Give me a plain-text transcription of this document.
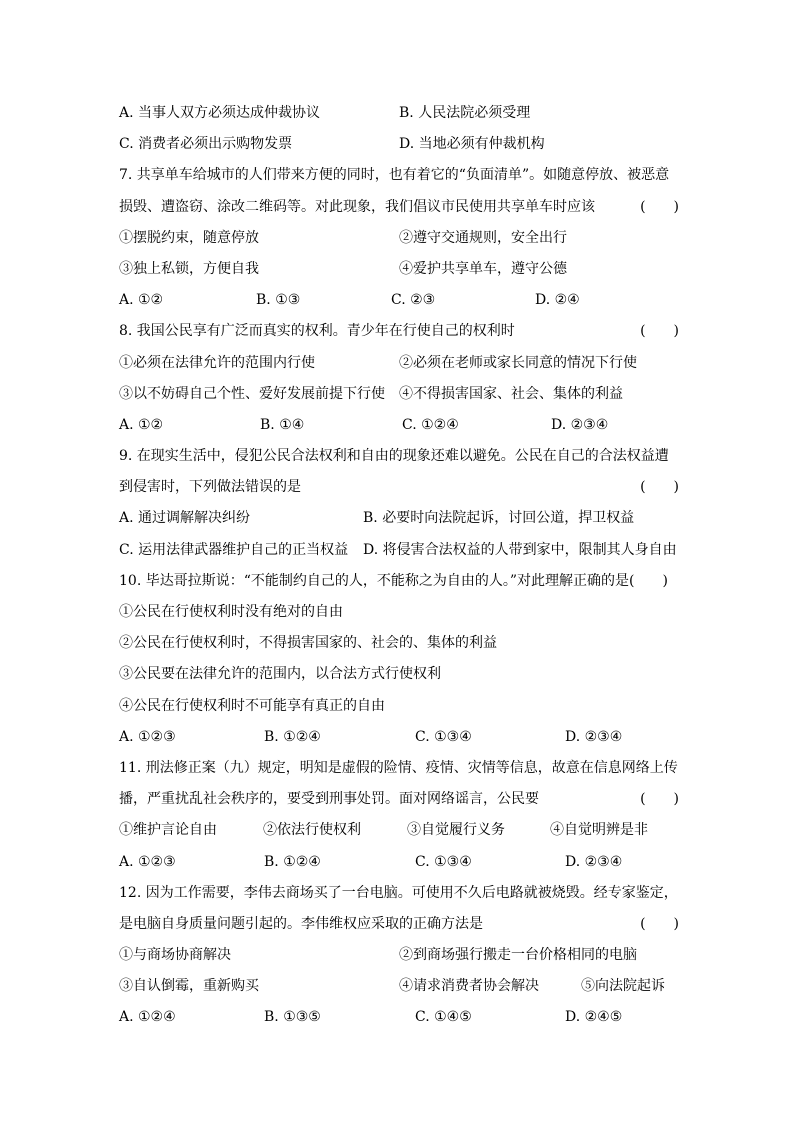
A. 当事人双方必须达成仲裁协议	B. 人民法院必须受理
C. 消费者必须出示购物发票	D. 当地必须有仲裁机构
7. 共享单车给城市的人们带来方便的同时，也有着它的“负面清单”。如随意停放、被恶意
损毁、遭盗窃、涂改二维码等。对此现象，我们倡议市民使用共享单车时应该	(　　)
①摆脱约束，随意停放	②遵守交通规则，安全出行
③独上私锁，方便自我	④爱护共享单车，遵守公德
A. ①②	B. ①③	C. ②③	D. ②④
8. 我国公民享有广泛而真实的权利。青少年在行使自己的权利时	(　　)
①必须在法律允许的范围内行使	②必须在老师或家长同意的情况下行使
③以不妨碍自己个性、爱好发展前提下行使 ④不得损害国家、社会、集体的利益
A. ①②	B. ①④	C. ①②④	D. ②③④
9. 在现实生活中，侵犯公民合法权利和自由的现象还难以避免。公民在自己的合法权益遭
到侵害时，下列做法错误的是	(　　)
A. 通过调解解决纠纷	B. 必要时向法院起诉，讨回公道，捍卫权益
C. 运用法律武器维护自己的正当权益 D. 将侵害合法权益的人带到家中，限制其人身自由
10. 毕达哥拉斯说：“不能制约自己的人，不能称之为自由的人。”对此理解正确的是(　　)
①公民在行使权利时没有绝对的自由
②公民在行使权利时，不得损害国家的、社会的、集体的利益
③公民要在法律允许的范围内，以合法方式行使权利
④公民在行使权利时不可能享有真正的自由
A. ①②③	B. ①②④	C. ①③④	D. ②③④
11. 刑法修正案（九）规定，明知是虚假的险情、疫情、灾情等信息，故意在信息网络上传
播，严重扰乱社会秩序的，要受到刑事处罚。面对网络谣言，公民要	(　　)
①维护言论自由	②依法行使权利	③自觉履行义务	④自觉明辨是非
A. ①②③	B. ①②④	C. ①③④	D. ②③④
12. 因为工作需要，李伟去商场买了一台电脑。可使用不久后电路就被烧毁。经专家鉴定，
是电脑自身质量问题引起的。李伟维权应采取的正确方法是	(　　)
①与商场协商解决	②到商场强行搬走一台价格相同的电脑
③自认倒霉，重新购买	④请求消费者协会解决	⑤向法院起诉
A. ①②④	B. ①③⑤	C. ①④⑤	D. ②④⑤
